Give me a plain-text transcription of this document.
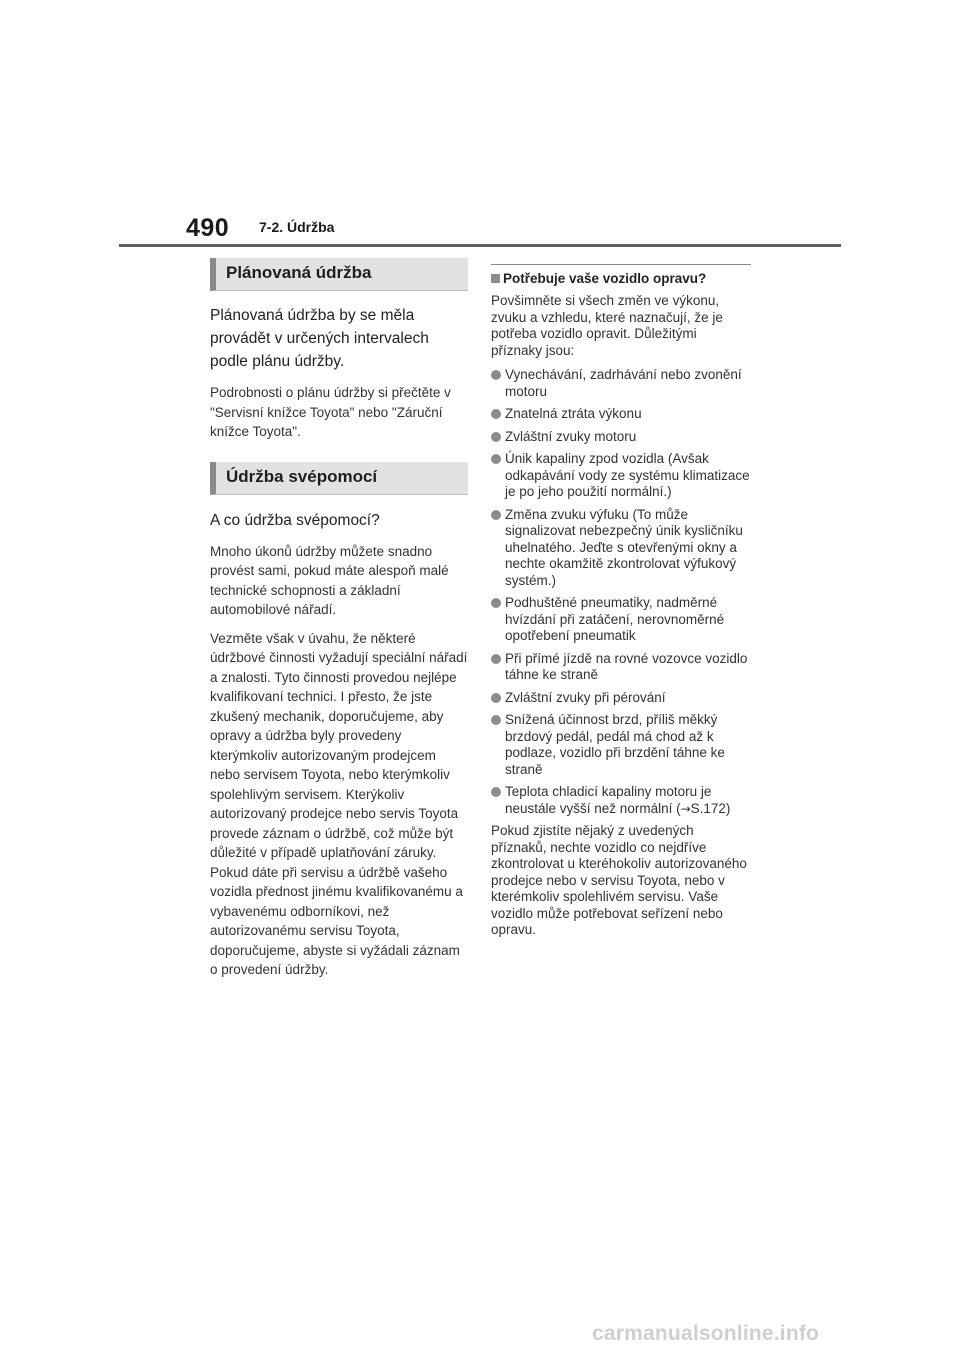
490 7-2. Údržba
Plánovaná údržba

Plánovaná údržba by se měla provádět v určených intervalech podle plánu údržby.

Podrobnosti o plánu údržby si přečtěte v "Servisní knížce Toyota" nebo "Záruční knížce Toyota".

Údržba svépomocí

A co údržba svépomocí?

Mnoho úkonů údržby můžete snadno provést sami, pokud máte alespoň malé technické schopnosti a základní automobilové nářadí.

Vezměte však v úvahu, že některé údržbové činnosti vyžadují speciální nářadí a znalosti. Tyto činnosti provedou nejlépe kvalifikovaní technici. I přesto, že jste zkušený mechanik, doporučujeme, aby opravy a údržba byly provedeny kterýmkoliv autorizovaným prodejcem nebo servisem Toyota, nebo kterýmkoliv spolehlivým servisem. Kterýkoliv autorizovaný prodejce nebo servis Toyota provede záznam o údržbě, což může být důležité v případě uplatňování záruky. Pokud dáte při servisu a údržbě vašeho vozidla přednost jinému kvalifikovanému a vybavenému odborníkovi, než autorizovanému servisu Toyota, doporučujeme, abyste si vyžádali záznam o provedení údržby.

Potřebuje vaše vozidlo opravu?

Povšimněte si všech změn ve výkonu, zvuku a vzhledu, které naznačují, že je potřeba vozidlo opravit. Důležitými příznaky jsou:

Vynechávání, zadrhávání nebo zvonění motoru
Znatelná ztráta výkonu
Zvláštní zvuky motoru
Únik kapaliny zpod vozidla (Avšak odkapávání vody ze systému klimatizace je po jeho použití normální.)
Změna zvuku výfuku (To může signalizovat nebezpečný únik kysličníku uhelnatého. Jeďte s otevřenými okny a nechte okamžitě zkontrolovat výfukový systém.)
Podhuštěné pneumatiky, nadměrné hvízdání při zatáčení, nerovnoměrné opotřebení pneumatik
Při přímé jízdě na rovné vozovce vozidlo táhne ke straně
Zvláštní zvuky při pérování
Snížená účinnost brzd, příliš měkký brzdový pedál, pedál má chod až k podlaze, vozidlo při brzdění táhne ke straně
Teplota chladicí kapaliny motoru je neustále vyšší než normální (→S.172)

Pokud zjistíte nějaký z uvedených příznaků, nechte vozidlo co nejdříve zkontrolovat u kteréhokoliv autorizovaného prodejce nebo v servisu Toyota, nebo v kterémkoliv spolehlivém servisu. Vaše vozidlo může potřebovat seřízení nebo opravu.

carmanualsonline.info
